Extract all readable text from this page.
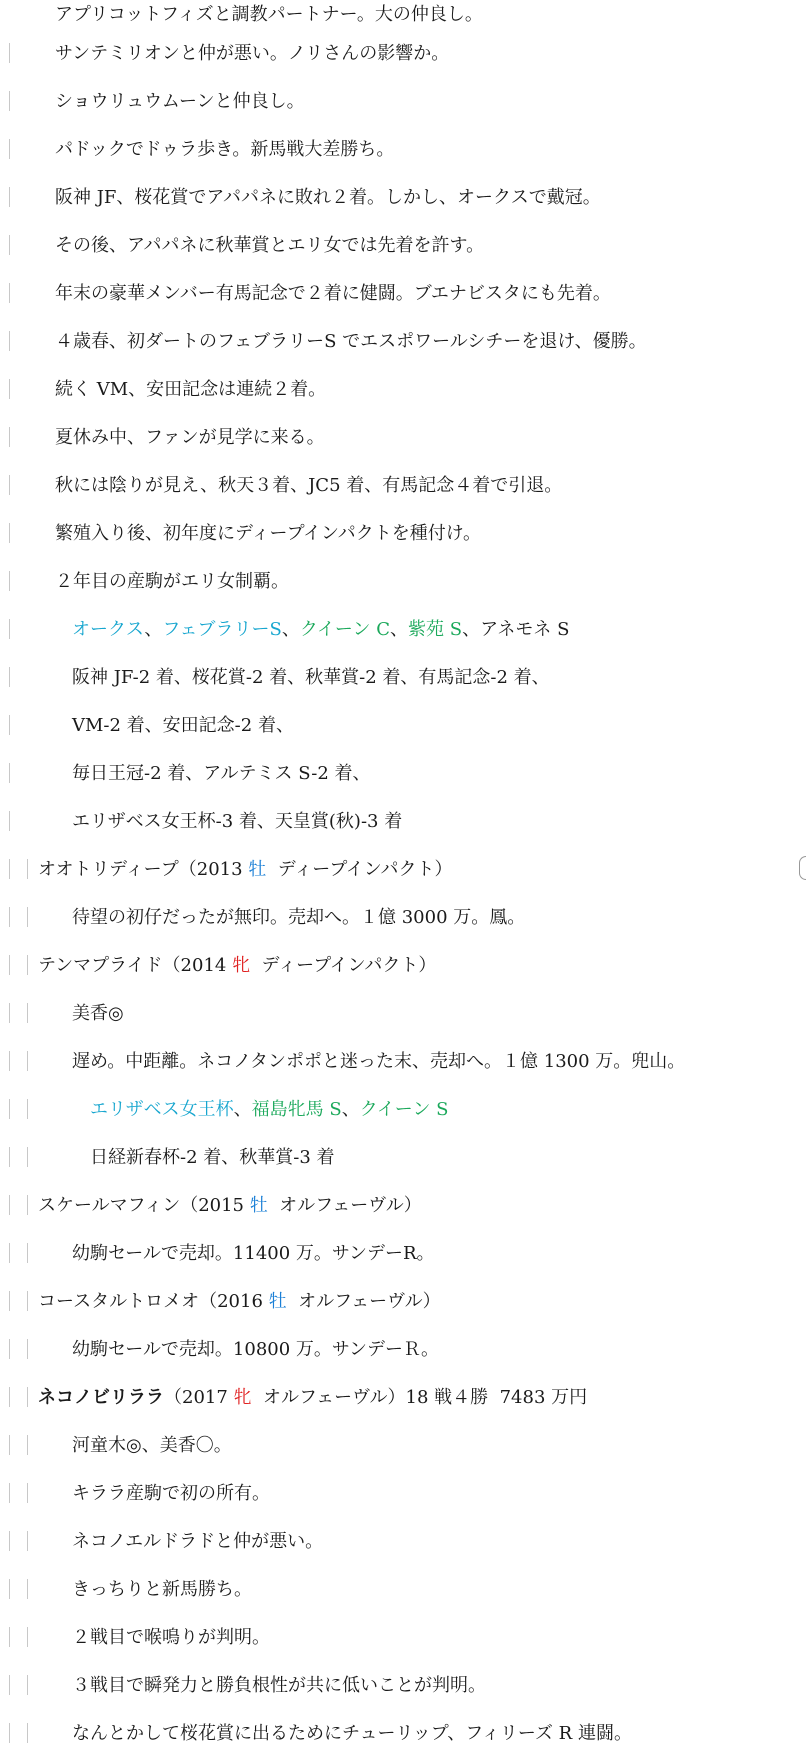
アプリコットフィズと調教パートナー。大の仲良し。
サンテミリオンと仲が悪い。ノリさんの影響か。
ショウリュウムーンと仲良し。
パドックでドゥラ歩き。新馬戦大差勝ち。
阪神 JF、桜花賞でアパパネに敗れ２着。しかし、オークスで戴冠。
その後、アパパネに秋華賞とエリ女では先着を許す。
年末の豪華メンバー有馬記念で２着に健闘。ブエナビスタにも先着。
４歳春、初ダートのフェブラリーS でエスポワールシチーを退け、優勝。
続く VM、安田記念は連続２着。
夏休み中、ファンが見学に来る。
秋には陰りが見え、秋天３着、JC5 着、有馬記念４着で引退。
繁殖入り後、初年度にディープインパクトを種付け。
２年目の産駒がエリ女制覇。
オークス、フェブラリーS、クイーン C、紫苑 S、アネモネ S
阪神 JF-2 着、桜花賞-2 着、秋華賞-2 着、有馬記念-2 着、
VM-2 着、安田記念-2 着、
毎日王冠-2 着、アルテミス S-2 着、
エリザベス女王杯-3 着、天皇賞(秋)-3 着
オオトリディープ（2013 牡  ディープインパクト）
待望の初仔だったが無印。売却へ。１億 3000 万。鳳。
テンマプライド（2014 牝  ディープインパクト）
美香◎
遅め。中距離。ネコノタンポポと迷った末、売却へ。１億 1300 万。兜山。
エリザベス女王杯、福島牝馬 S、クイーン S
日経新春杯-2 着、秋華賞-3 着
スケールマフィン（2015 牡  オルフェーヴル）
幼駒セールで売却。11400 万。サンデーR。
コースタルトロメオ（2016 牡  オルフェーヴル）
幼駒セールで売却。10800 万。サンデーＲ。
ネコノビリララ（2017 牝  オルフェーヴル）18 戦４勝  7483 万円
河童木◎、美香〇。
キララ産駒で初の所有。
ネコノエルドラドと仲が悪い。
きっちりと新馬勝ち。
２戦目で喉鳴りが判明。
３戦目で瞬発力と勝負根性が共に低いことが判明。
なんとかして桜花賞に出るためにチューリップ、フィリーズ R 連闘。
